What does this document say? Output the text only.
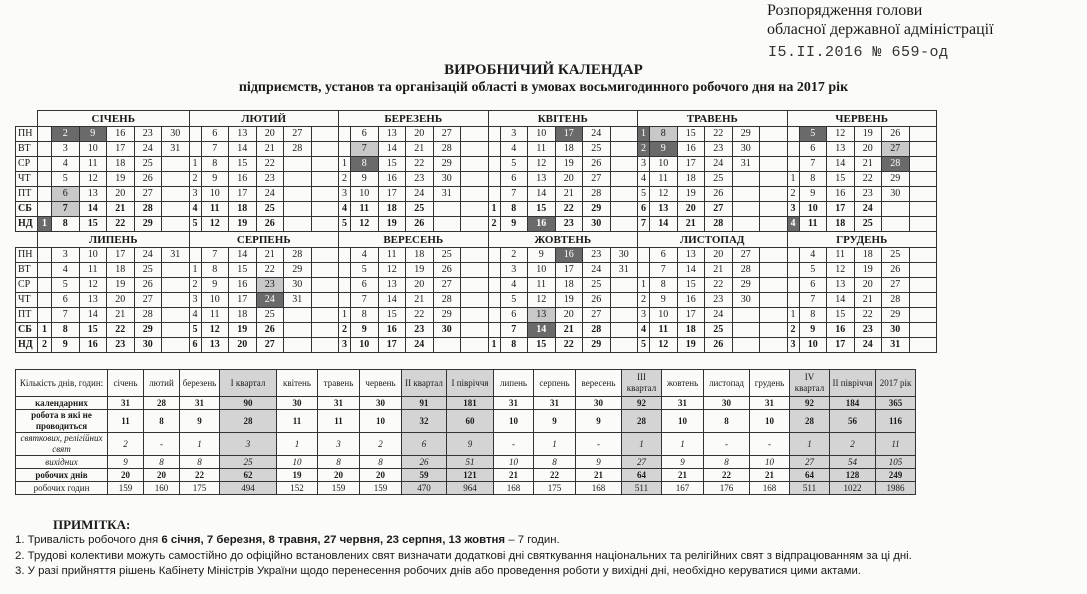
Розпорядження голови
обласної державної адміністрації
I5.II.2016 № 659-од
ВИРОБНИЧИЙ КАЛЕНДАР
підприємств, установ та організацій області в умовах восьмигодинного робочого дня на 2017 рік
	СІЧЕНЬ						ЛЮТИЙ						БЕРЕЗЕНЬ						КВІТЕНЬ						ТРАВЕНЬ						ЧЕРВЕНЬ					
ПН		2	9	16	23	30		6	13	20	27			6	13	20	27			3	10	17	24		1	8	15	22	29			5	12	19	26	
ВТ		3	10	17	24	31		7	14	21	28			7	14	21	28			4	11	18	25		2	9	16	23	30			6	13	20	27	
СР		4	11	18	25		1	8	15	22			1	8	15	22	29			5	12	19	26		3	10	17	24	31			7	14	21	28	
ЧТ		5	12	19	26		2	9	16	23			2	9	16	23	30			6	13	20	27		4	11	18	25			1	8	15	22	29	
ПТ		6	13	20	27		3	10	17	24			3	10	17	24	31			7	14	21	28		5	12	19	26			2	9	16	23	30	
СБ		7	14	21	28		4	11	18	25			4	11	18	25			1	8	15	22	29		6	13	20	27			3	10	17	24		
НД	1	8	15	22	29		5	12	19	26			5	12	19	26			2	9	16	23	30		7	14	21	28			4	11	18	25		
	ЛИПЕНЬ						СЕРПЕНЬ						ВЕРЕСЕНЬ						ЖОВТЕНЬ						ЛИСТОПАД						ГРУДЕНЬ					
ПН		3	10	17	24	31		7	14	21	28			4	11	18	25			2	9	16	23	30		6	13	20	27			4	11	18	25	
ВТ		4	11	18	25		1	8	15	22	29			5	12	19	26			3	10	17	24	31		7	14	21	28			5	12	19	26	
СР		5	12	19	26		2	9	16	23	30			6	13	20	27			4	11	18	25		1	8	15	22	29			6	13	20	27	
ЧТ		6	13	20	27		3	10	17	24	31			7	14	21	28			5	12	19	26		2	9	16	23	30			7	14	21	28	
ПТ		7	14	21	28		4	11	18	25			1	8	15	22	29			6	13	20	27		3	10	17	24			1	8	15	22	29	
СБ	1	8	15	22	29		5	12	19	26			2	9	16	23	30			7	14	21	28		4	11	18	25			2	9	16	23	30	
НД	2	9	16	23	30		6	13	20	27			3	10	17	24			1	8	15	22	29		5	12	19	26			3	10	17	24	31	
Кількість днів, годин:	січень	лютий	березень	I квартал	квітень	травень	червень	II квартал	I півріччя	липень	серпень	вересень	III квартал	жовтень	листопад	грудень	IV квартал	II півріччя	2017 рік
календарних	31	28	31	90	30	31	30	91	181	31	31	30	92	31	30	31	92	184	365
робота в які не проводиться	11	8	9	28	11	11	10	32	60	10	9	9	28	10	8	10	28	56	116
святкових, релігійних свят	2	-	1	3	1	3	2	6	9	-	1	-	1	1	-	-	1	2	11
вихідних	9	8	8	25	10	8	8	26	51	10	8	9	27	9	8	10	27	54	105
робочих днів	20	20	22	62	19	20	20	59	121	21	22	21	64	21	22	21	64	128	249
робочих годин	159	160	175	494	152	159	159	470	964	168	175	168	511	167	176	168	511	1022	1986
ПРИМІТКА:
1. Тривалість робочого дня 6 січня, 7 березня, 8 травня, 27 червня, 23 серпня, 13 жовтня – 7 годин.
2. Трудові колективи можуть самостійно до офіційно встановлених свят визначати додаткові дні святкування національних та релігійних свят з відпрацюванням за ці дні.
3. У разі прийняття рішень Кабінету Міністрів України щодо перенесення робочих днів або проведення роботи у вихідні дні, необхідно керуватися цими актами.
